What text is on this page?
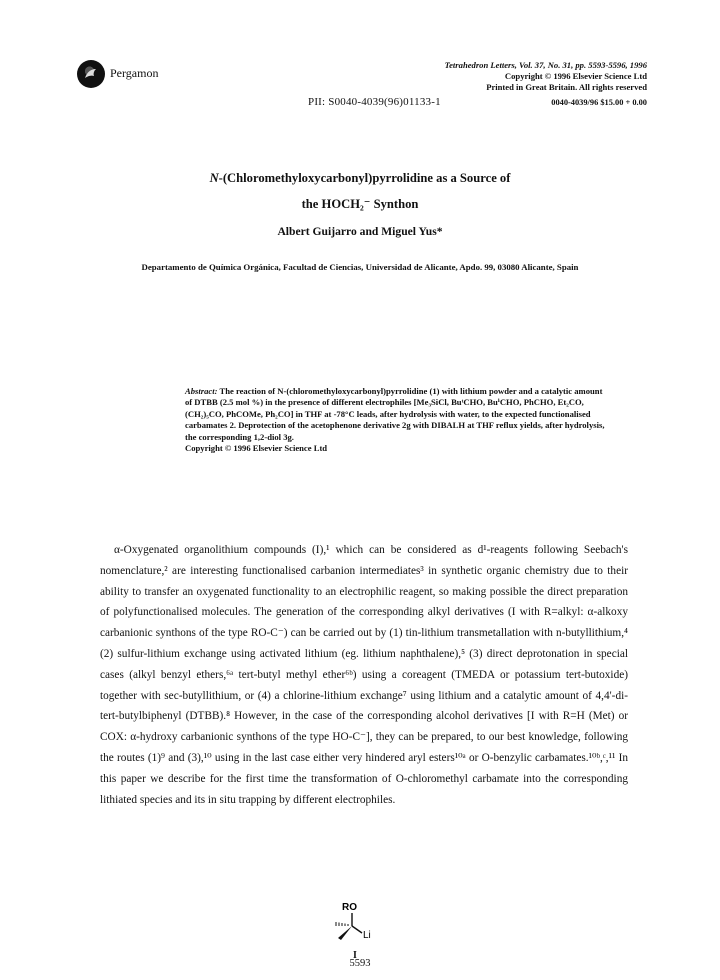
Pergamon
Tetrahedron Letters, Vol. 37, No. 31, pp. 5593-5596, 1996
Copyright © 1996 Elsevier Science Ltd
Printed in Great Britain. All rights reserved
0040-4039/96 $15.00 + 0.00
PII: S0040-4039(96)01133-1
N-(Chloromethyloxycarbonyl)pyrrolidine as a Source of
the HOCH₂⁻ Synthon
Albert Guijarro and Miguel Yus*
Departamento de Química Orgánica, Facultad de Ciencias, Universidad de Alicante, Apdo. 99, 03080 Alicante, Spain
Abstract: The reaction of N-(chloromethyloxycarbonyl)pyrrolidine (1) with lithium powder and a catalytic amount of DTBB (2.5 mol %) in the presence of different electrophiles [Me₃SiCl, BuᵗCHO, BuⁱCHO, PhCHO, Et₂CO, (CH₂)₅CO, PhCOMe, Ph₂CO] in THF at -78°C leads, after hydrolysis with water, to the expected functionalised carbamates 2. Deprotection of the acetophenone derivative 2g with DIBALH at THF reflux yields, after hydrolysis, the corresponding 1,2-diol 3g.
Copyright © 1996 Elsevier Science Ltd

α-Oxygenated organolithium compounds (I),¹ which can be considered as d¹-reagents following Seebach's nomenclature,² are interesting functionalised carbanion intermediates³ in synthetic organic chemistry due to their ability to transfer an oxygenated functionality to an electrophilic reagent, so making possible the direct preparation of polyfunctionalised molecules. The generation of the corresponding alkyl derivatives (I with R=alkyl: α-alkoxy carbanionic synthons of the type RO-C⁻) can be carried out by (1) tin-lithium transmetallation with n-butyllithium,⁴ (2) sulfur-lithium exchange using activated lithium (eg. lithium naphthalene),⁵ (3) direct deprotonation in special cases (alkyl benzyl ethers,⁶ᵃ tert-butyl methyl ether⁶ᵇ) using a coreagent (TMEDA or potassium tert-butoxide) together with sec-butyllithium, or (4) a chlorine-lithium exchange⁷ using lithium and a catalytic amount of 4,4'-di-tert-butylbiphenyl (DTBB).⁸ However, in the case of the corresponding alcohol derivatives [I with R=H (Met) or COX: α-hydroxy carbanionic synthons of the type HO-C⁻], they can be prepared, to our best knowledge, following the routes (1)⁹ and (3),¹⁰ using in the last case either very hindered aryl esters¹⁰ᵃ or O-benzylic carbamates.¹⁰ᵇ,ᶜ,¹¹ In this paper we describe for the first time the transformation of O-chloromethyl carbamate into the corresponding lithiated species and its in situ trapping by different electrophiles.

RO
Li
I
5593
